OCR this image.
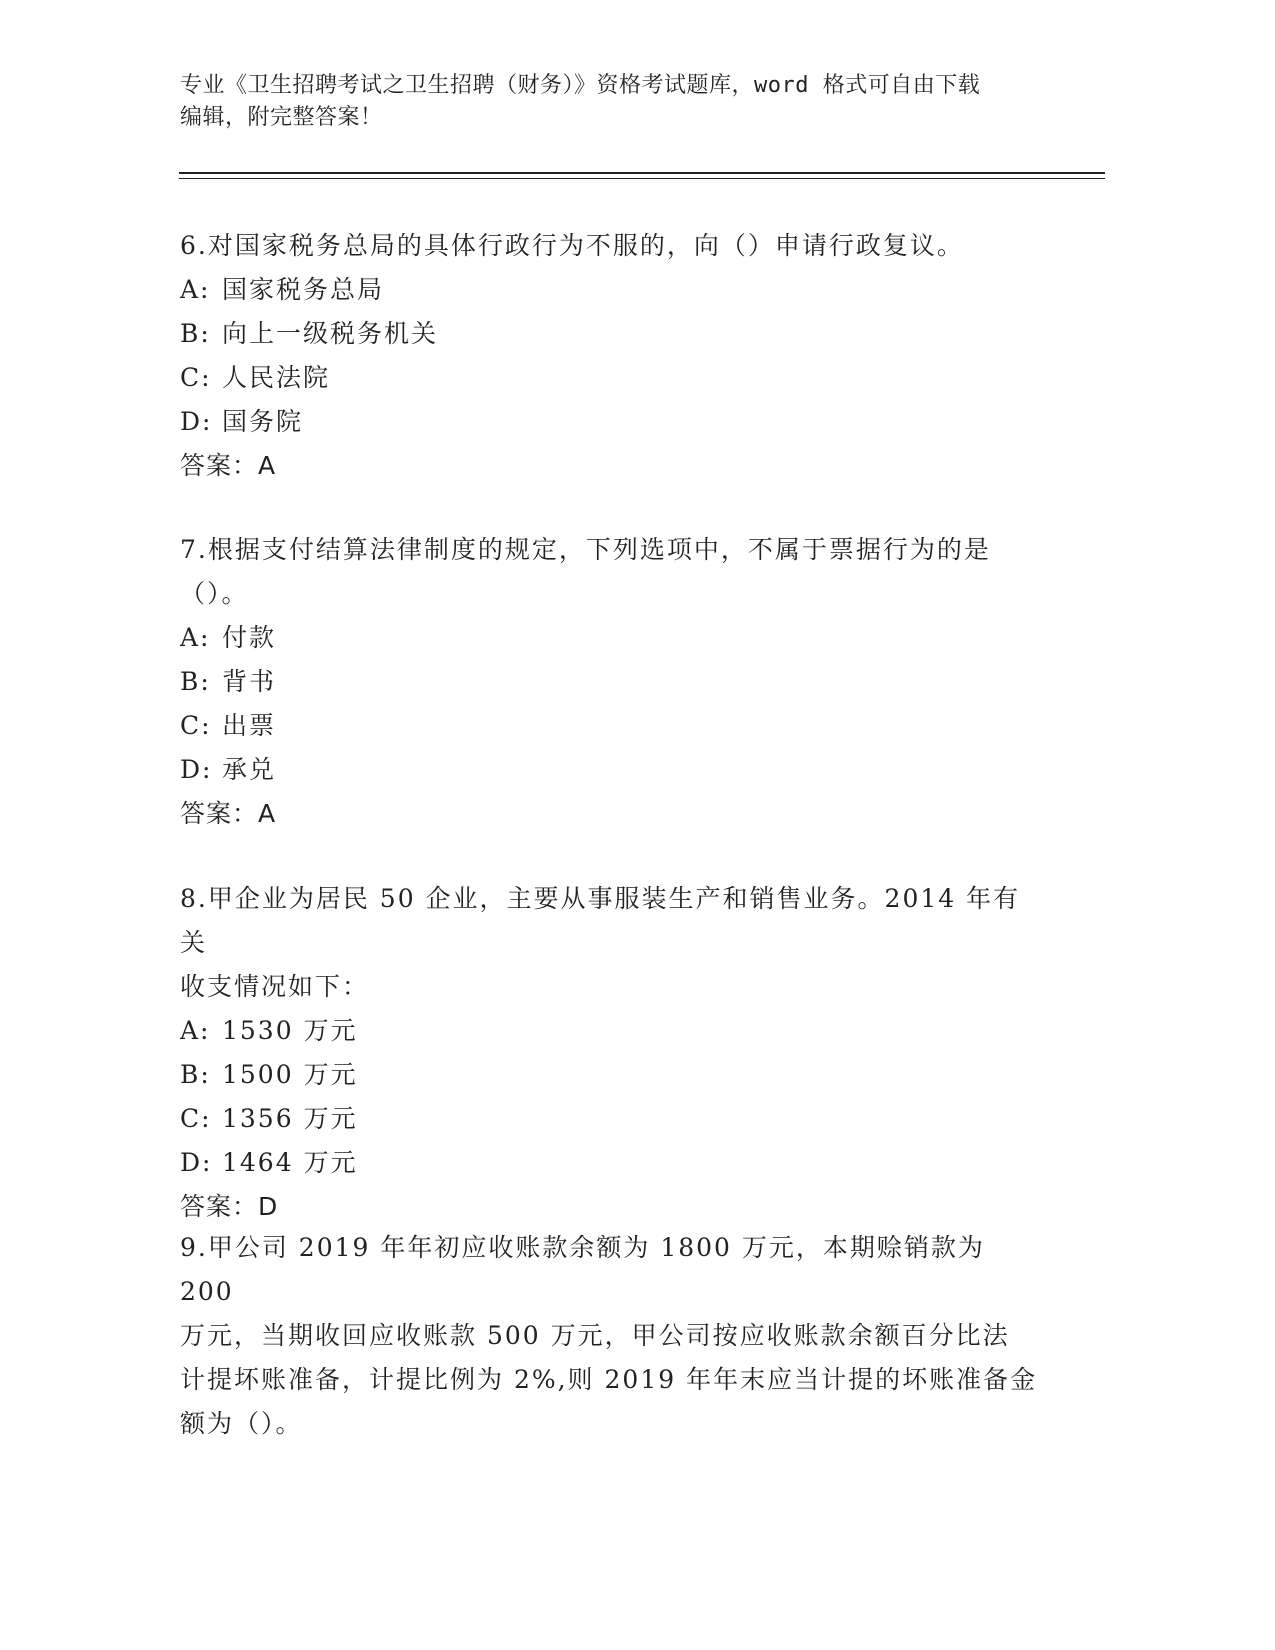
专业《卫生招聘考试之卫生招聘（财务）》资格考试题库，word 格式可自由下载
编辑，附完整答案！

6.对国家税务总局的具体行政行为不服的，向（）申请行政复议。

A: 国家税务总局

B: 向上一级税务机关

C: 人民法院

D: 国务院

答案：A

7.根据支付结算法律制度的规定，下列选项中，不属于票据行为的是

（）。

A: 付款

B: 背书

C: 出票

D: 承兑

答案：A

8.甲企业为居民 50 企业，主要从事服装生产和销售业务。2014 年有关

收支情况如下：

A: 1530 万元

B: 1500 万元

C: 1356 万元

D: 1464 万元

答案：D

9.甲公司 2019 年年初应收账款余额为 1800 万元，本期赊销款为 200

万元，当期收回应收账款 500 万元，甲公司按应收账款余额百分比法

计提坏账准备，计提比例为 2%,则 2019 年年末应当计提的坏账准备金

额为（）。
